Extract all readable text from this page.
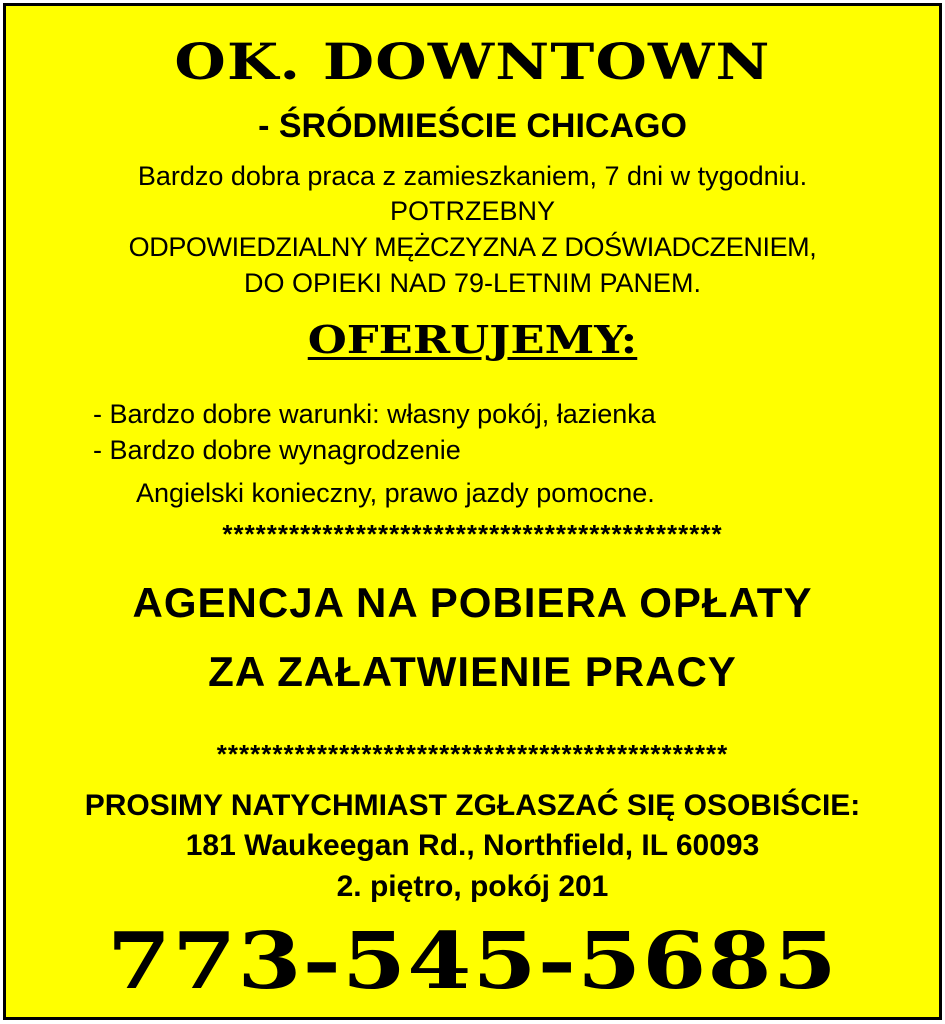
OK. DOWNTOWN
- ŚRÓDMIEŚCIE CHICAGO

Bardzo dobra praca z zamieszkaniem, 7 dni w tygodniu.

POTRZEBNY

ODPOWIEDZIALNY MĘŻCZYZNA Z DOŚWIADCZENIEM,

DO OPIEKI NAD 79-LETNIM PANEM.

OFERUJEMY:

- Bardzo dobre warunki: własny pokój, łazienka

- Bardzo dobre wynagrodzenie

Angielski konieczny, prawo jazdy pomocne.

*********************************************

AGENCJA NA POBIERA OPŁATY

ZA ZAŁATWIENIE PRACY

**********************************************

PROSIMY NATYCHMIAST ZGŁASZAĆ SIĘ OSOBIŚCIE:

181 Waukeegan Rd., Northfield, IL 60093

2. piętro, pokój 201

773-545-5685
